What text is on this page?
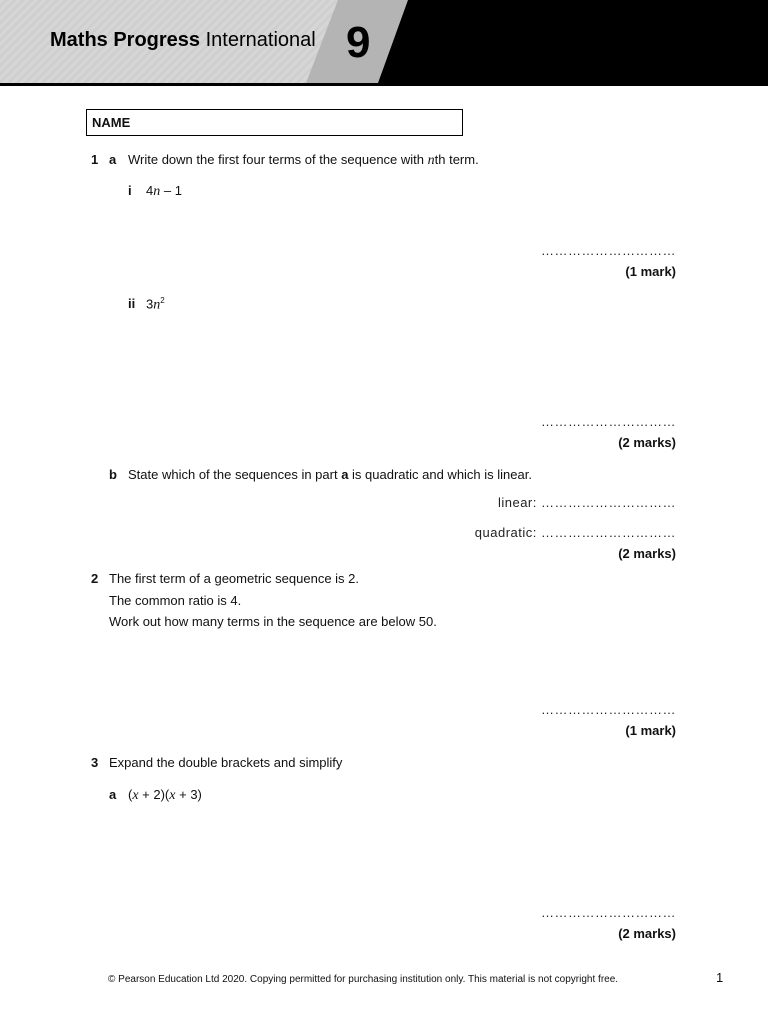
Maths Progress International 9
NAME
1 a Write down the first four terms of the sequence with nth term.
i 4n – 1
…………………………
(1 mark)
ii $3n^2$
…………………………
(2 marks)
b State which of the sequences in part a is quadratic and which is linear.
linear: …………………………
quadratic: …………………………
(2 marks)
2 The first term of a geometric sequence is 2.
The common ratio is 4.
Work out how many terms in the sequence are below 50.
…………………………
(1 mark)
3 Expand the double brackets and simplify
a (x + 2)(x + 3)
…………………………
(2 marks)
© Pearson Education Ltd 2020. Copying permitted for purchasing institution only. This material is not copyright free.	1
